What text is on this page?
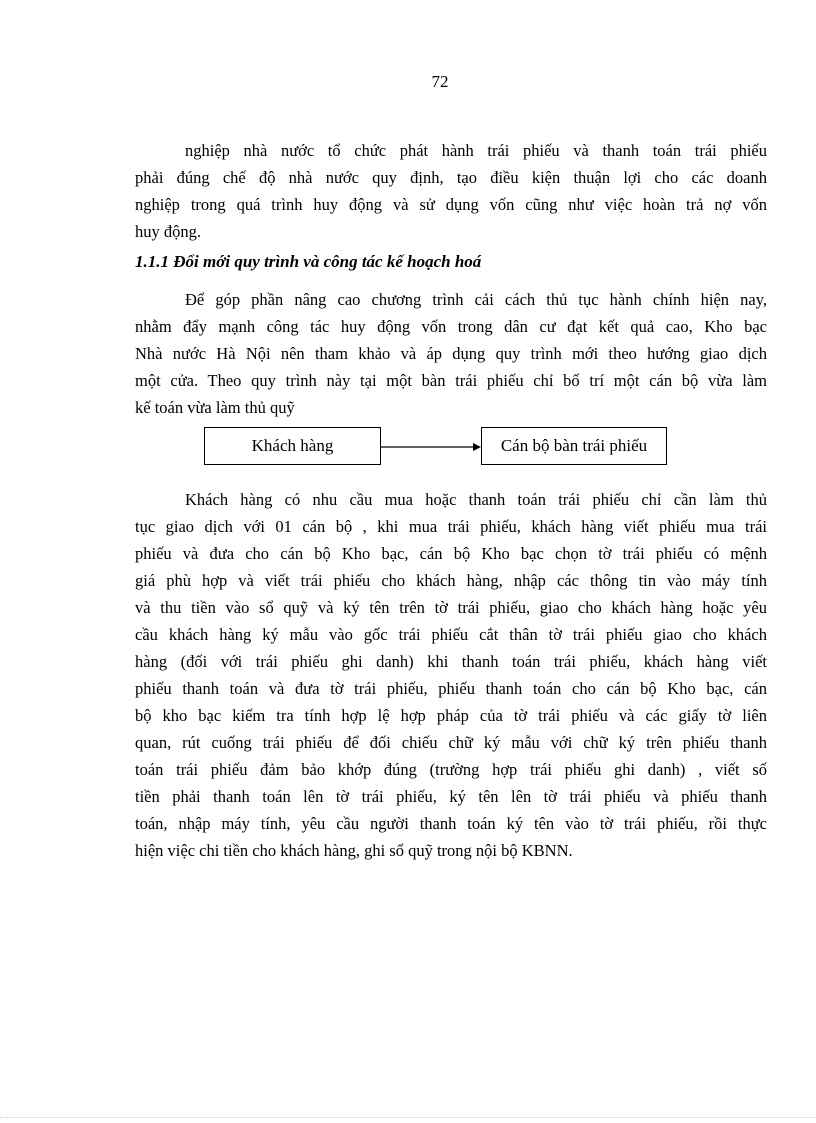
72

nghiệp nhà nước tổ chức phát hành trái phiếu và thanh toán trái phiếu
phải đúng chế độ nhà nước quy định, tạo điều kiện thuận lợi cho các doanh
nghiệp trong quá trình huy động và sử dụng vốn cũng như việc hoàn trả nợ vốn
huy động.

1.1.1 Đổi mới quy trình và công tác kế hoạch hoá

Để góp phần nâng cao chương trình cải cách thủ tục hành chính hiện nay,
nhằm đẩy mạnh công tác huy động vốn trong dân cư đạt kết quả cao, Kho bạc
Nhà nước Hà Nội nên tham khảo và áp dụng quy trình mới theo hướng giao dịch
một cửa. Theo quy trình này tại một bàn trái phiếu chỉ bố trí một cán bộ vừa làm
kế toán vừa làm thủ quỹ

Khách hàng	Cán bộ bàn trái phiếu

Khách hàng có nhu cầu mua hoặc thanh toán trái phiếu chỉ cần làm thủ
tục giao dịch với 01 cán bộ , khi mua trái phiếu, khách hàng viết phiếu mua trái
phiếu và đưa cho cán bộ Kho bạc, cán bộ Kho bạc chọn tờ trái phiếu có mệnh
giá phù hợp và viết trái phiếu cho khách hàng, nhập các thông tin vào máy tính
và thu tiền vào sổ quỹ và ký tên trên tờ trái phiếu, giao cho khách hàng hoặc yêu
cầu khách hàng ký mẫu vào gốc trái phiếu cắt thân tờ trái phiếu giao cho khách
hàng (đối với trái phiếu ghi danh) khi thanh toán trái phiếu, khách hàng viết
phiếu thanh toán và đưa tờ trái phiếu, phiếu thanh toán cho cán bộ Kho bạc, cán
bộ kho bạc kiểm tra tính hợp lệ hợp pháp của tờ trái phiếu và các giấy tờ liên
quan, rút cuống trái phiếu để đối chiếu chữ ký mẫu với chữ ký trên phiếu thanh
toán trái phiếu đảm bảo khớp đúng (trường hợp trái phiếu ghi danh) , viết số
tiền phải thanh toán lên tờ trái phiếu, ký tên lên tờ trái phiếu và phiếu thanh
toán, nhập máy tính, yêu cầu người thanh toán ký tên vào tờ trái phiếu, rồi thực
hiện việc chi tiền cho khách hàng, ghi sổ quỹ trong nội bộ KBNN.
